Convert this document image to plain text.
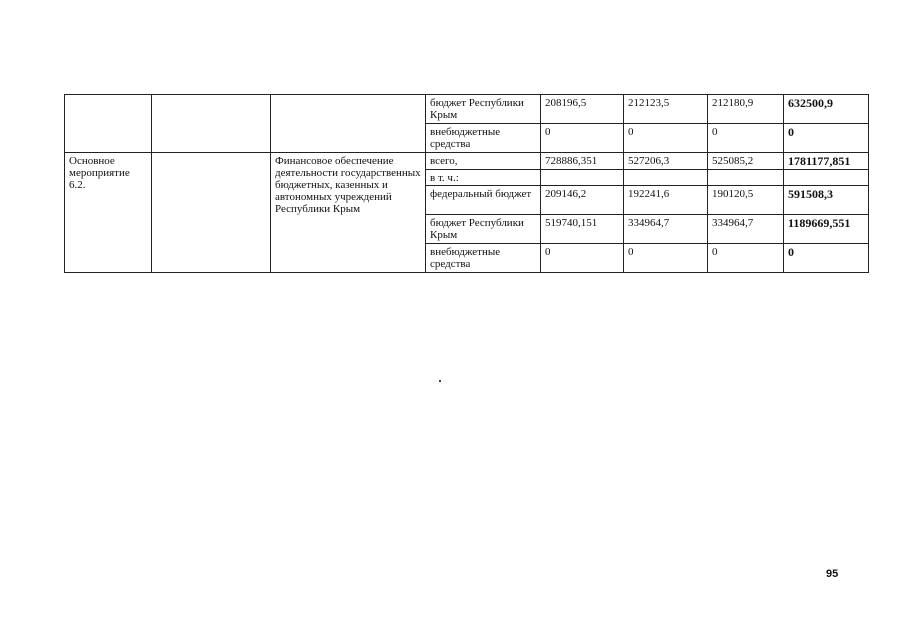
			бюджет Республики Крым	208196,5	212123,5	212180,9	632500,9
			внебюджетные средства	0	0	0	0
Основное мероприятие 6.2.		Финансовое обеспечение деятельности государственных бюджетных, казенных и автономных учреждений Республики Крым	всего,	728886,351	527206,3	525085,2	1781177,851
			в т. ч.:				
			федеральный бюджет	209146,2	192241,6	190120,5	591508,3
			бюджет Республики Крым	519740,151	334964,7	334964,7	1189669,551
			внебюджетные средства	0	0	0	0
95
